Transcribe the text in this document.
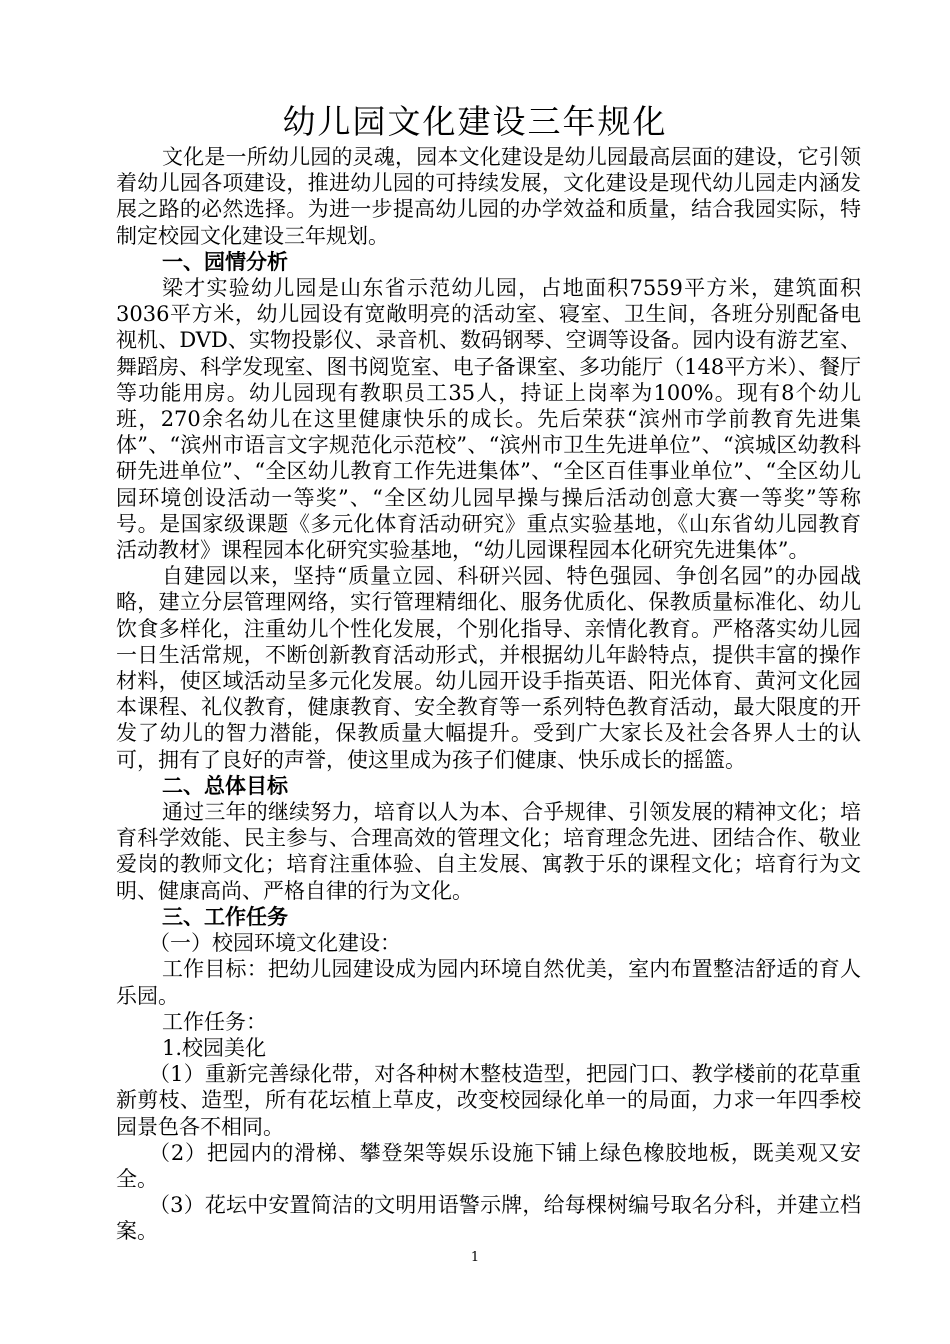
幼儿园文化建设三年规化

文化是一所幼儿园的灵魂，园本文化建设是幼儿园最高层面的建设，它引领着幼儿园各项建设，推进幼儿园的可持续发展，文化建设是现代幼儿园走内涵发展之路的必然选择。为进一步提高幼儿园的办学效益和质量，结合我园实际，特制定校园文化建设三年规划。

一、园情分析

梁才实验幼儿园是山东省示范幼儿园，占地面积7559平方米，建筑面积3036平方米，幼儿园设有宽敞明亮的活动室、寝室、卫生间，各班分别配备电视机、DVD、实物投影仪、录音机、数码钢琴、空调等设备。园内设有游艺室、舞蹈房、科学发现室、图书阅览室、电子备课室、多功能厅（148平方米）、餐厅等功能用房。幼儿园现有教职员工35人，持证上岗率为100%。现有8个幼儿班，270余名幼儿在这里健康快乐的成长。先后荣获“滨州市学前教育先进集体”、“滨州市语言文字规范化示范校”、“滨州市卫生先进单位”、“滨城区幼教科研先进单位”、“全区幼儿教育工作先进集体”、“全区百佳事业单位”、“全区幼儿园环境创设活动一等奖”、“全区幼儿园早操与操后活动创意大赛一等奖”等称号。是国家级课题《多元化体育活动研究》重点实验基地，《山东省幼儿园教育活动教材》课程园本化研究实验基地，“幼儿园课程园本化研究先进集体”。

自建园以来，坚持“质量立园、科研兴园、特色强园、争创名园”的办园战略，建立分层管理网络，实行管理精细化、服务优质化、保教质量标准化、幼儿饮食多样化，注重幼儿个性化发展，个别化指导、亲情化教育。严格落实幼儿园一日生活常规，不断创新教育活动形式，并根据幼儿年龄特点，提供丰富的操作材料，使区域活动呈多元化发展。幼儿园开设手指英语、阳光体育、黄河文化园本课程、礼仪教育，健康教育、安全教育等一系列特色教育活动，最大限度的开发了幼儿的智力潜能，保教质量大幅提升。受到广大家长及社会各界人士的认可，拥有了良好的声誉，使这里成为孩子们健康、快乐成长的摇篮。

二、总体目标

通过三年的继续努力，培育以人为本、合乎规律、引领发展的精神文化；培育科学效能、民主参与、合理高效的管理文化；培育理念先进、团结合作、敬业爱岗的教师文化；培育注重体验、自主发展、寓教于乐的课程文化；培育行为文明、健康高尚、严格自律的行为文化。

三、工作任务

（一）校园环境文化建设：

工作目标：把幼儿园建设成为园内环境自然优美，室内布置整洁舒适的育人乐园。

工作任务：

1.校园美化

（1）重新完善绿化带，对各种树木整枝造型，把园门口、教学楼前的花草重新剪枝、造型，所有花坛植上草皮，改变校园绿化单一的局面，力求一年四季校园景色各不相同。

（2）把园内的滑梯、攀登架等娱乐设施下铺上绿色橡胶地板，既美观又安全。

（3）花坛中安置简洁的文明用语警示牌，给每棵树编号取名分科，并建立档案。

1
